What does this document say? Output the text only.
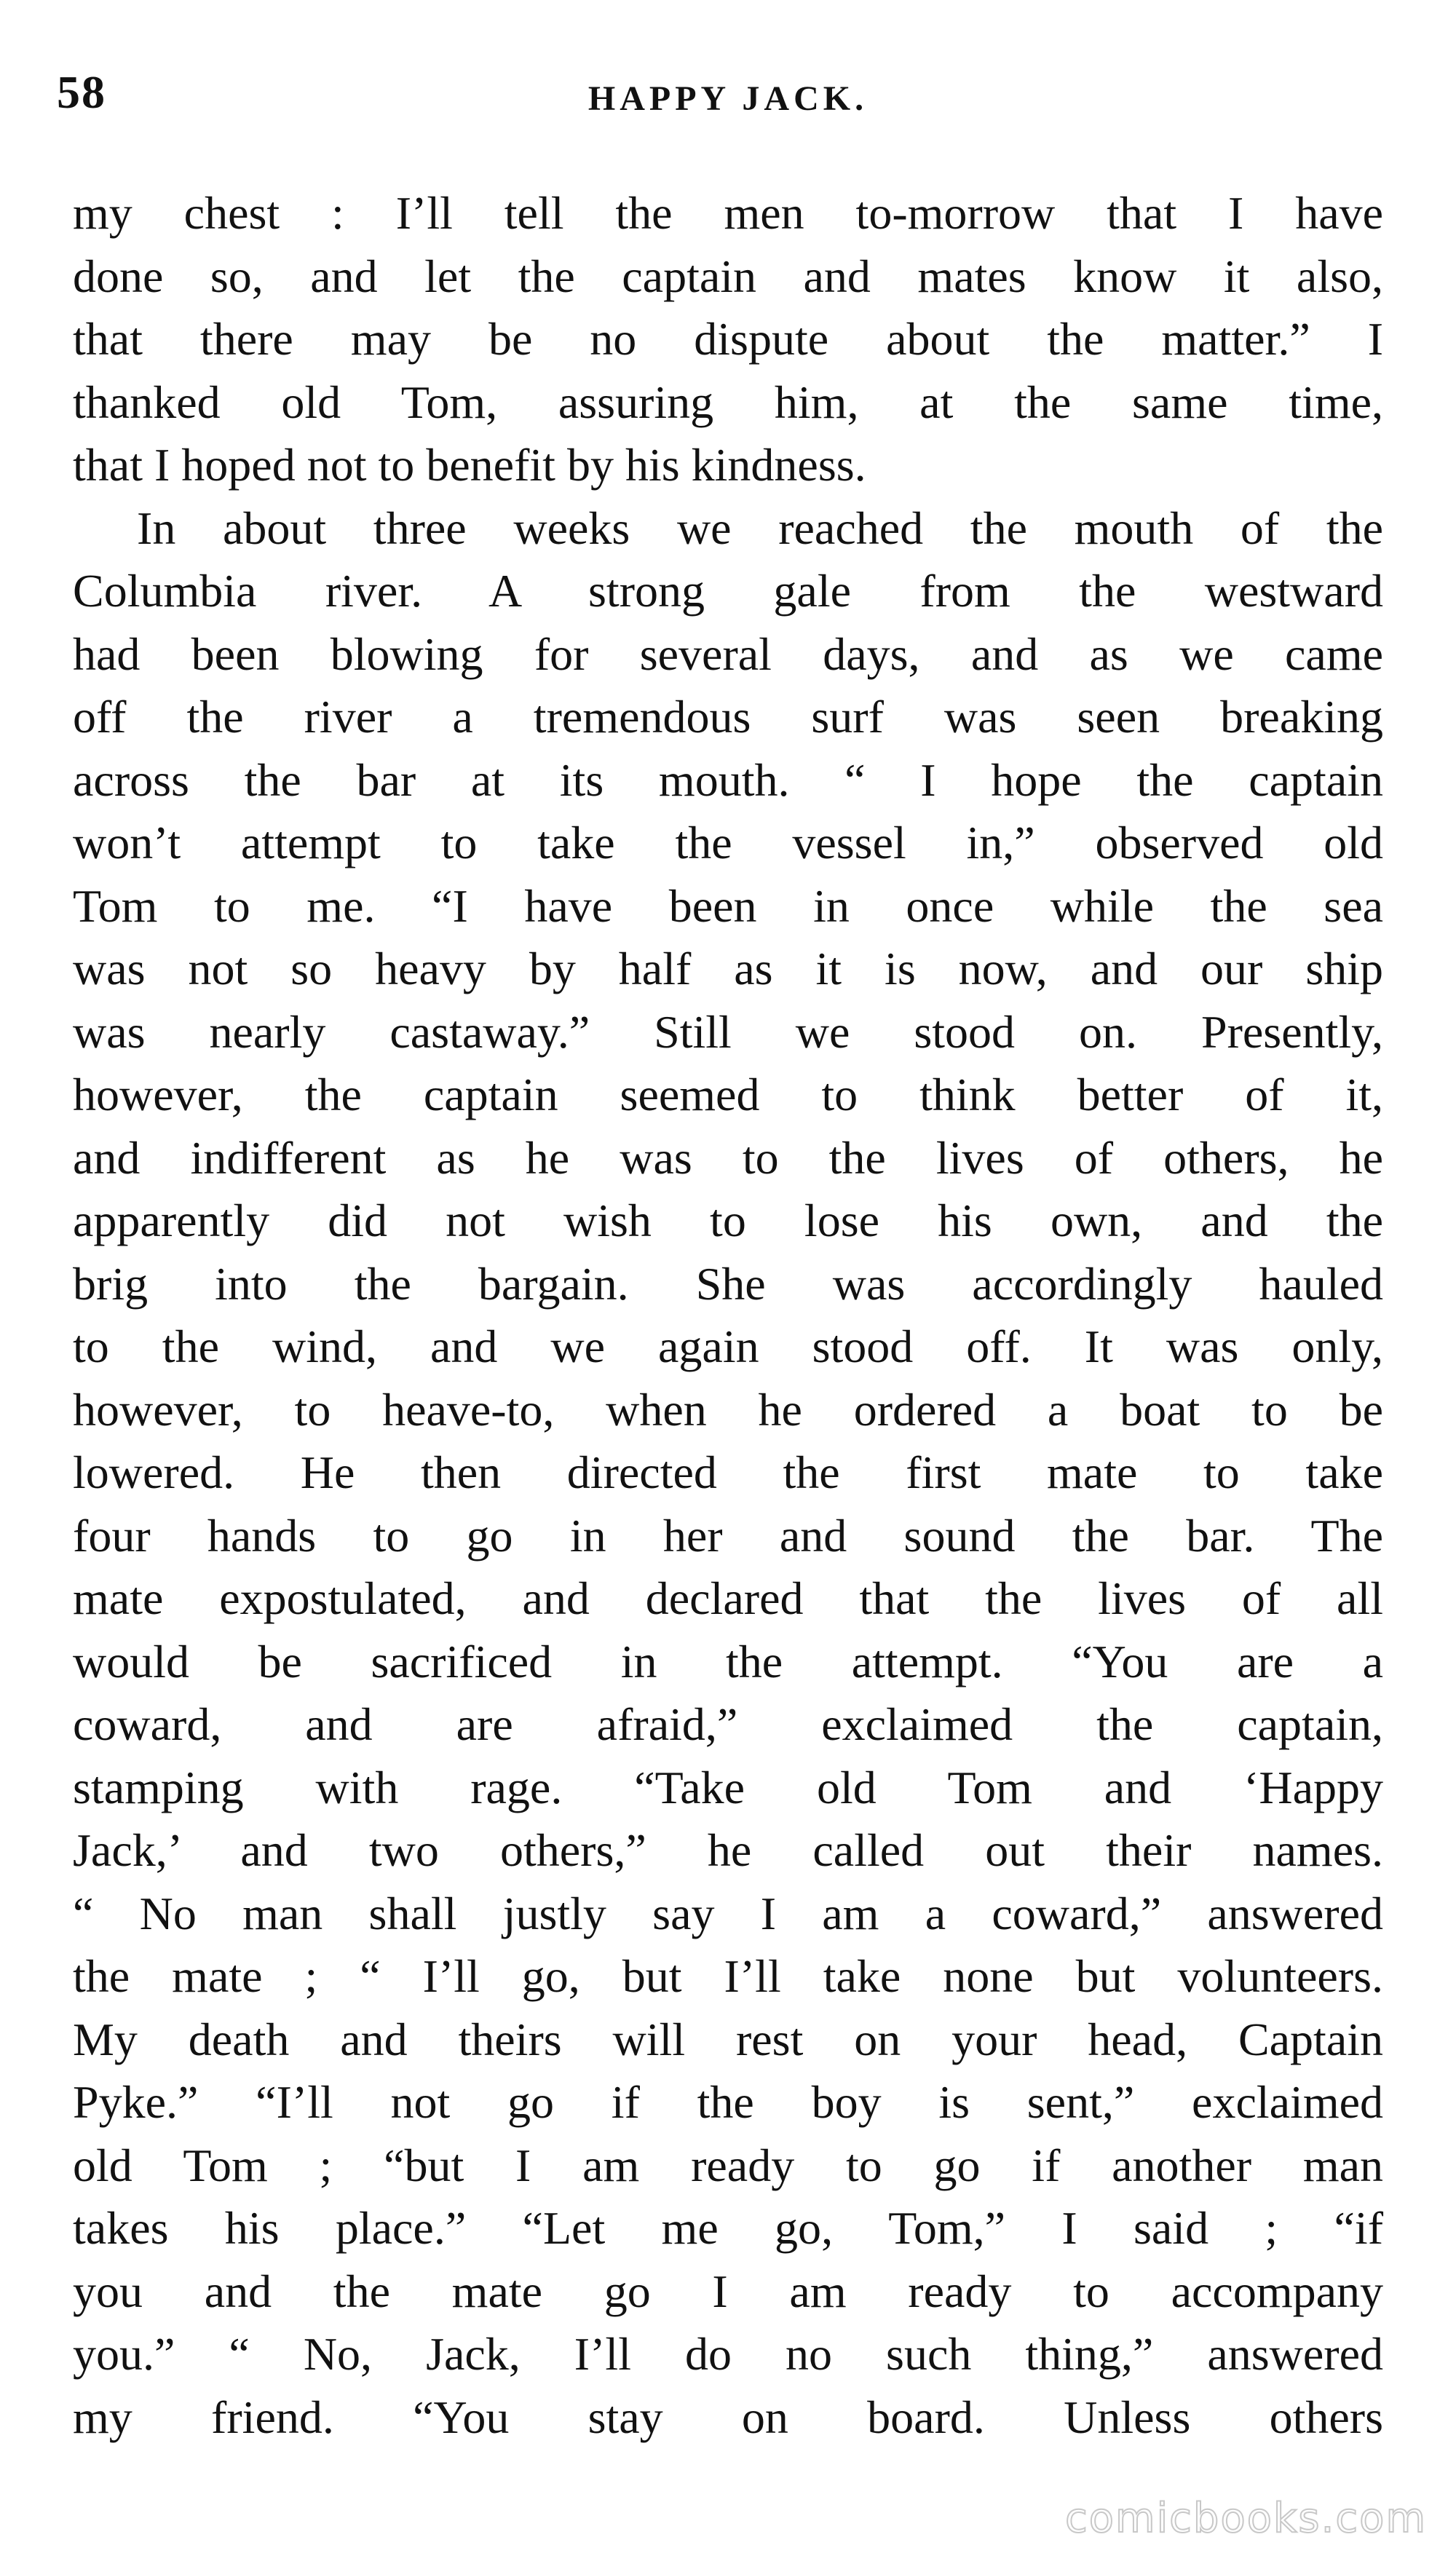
58	HAPPY JACK.
my chest : I’ll tell the men to-morrow that I have
done so, and let the captain and mates know it also,
that there may be no dispute about the matter.” I
thanked old Tom, assuring him, at the same time,
that I hoped not to benefit by his kindness.
In about three weeks we reached the mouth of the
Columbia river. A strong gale from the westward
had been blowing for several days, and as we came
off the river a tremendous surf was seen breaking
across the bar at its mouth. “ I hope the captain
won’t attempt to take the vessel in,” observed old
Tom to me. “I have been in once while the sea
was not so heavy by half as it is now, and our ship
was nearly castaway.” Still we stood on. Presently,
however, the captain seemed to think better of it,
and indifferent as he was to the lives of others, he
apparently did not wish to lose his own, and the
brig into the bargain. She was accordingly hauled
to the wind, and we again stood off. It was only,
however, to heave-to, when he ordered a boat to be
lowered. He then directed the first mate to take
four hands to go in her and sound the bar. The
mate expostulated, and declared that the lives of all
would be sacrificed in the attempt. “You are a
coward, and are afraid,” exclaimed the captain,
stamping with rage. “Take old Tom and ‘Happy
Jack,’ and two others,” he called out their names.
“ No man shall justly say I am a coward,” answered
the mate ; “ I’ll go, but I’ll take none but volunteers.
My death and theirs will rest on your head, Captain
Pyke.” “I’ll not go if the boy is sent,” exclaimed
old Tom ; “but I am ready to go if another man
takes his place.” “Let me go, Tom,” I said ; “if
you and the mate go I am ready to accompany
you.” “ No, Jack, I’ll do no such thing,” answered
my friend. “You stay on board. Unless others
comicbooks.com
